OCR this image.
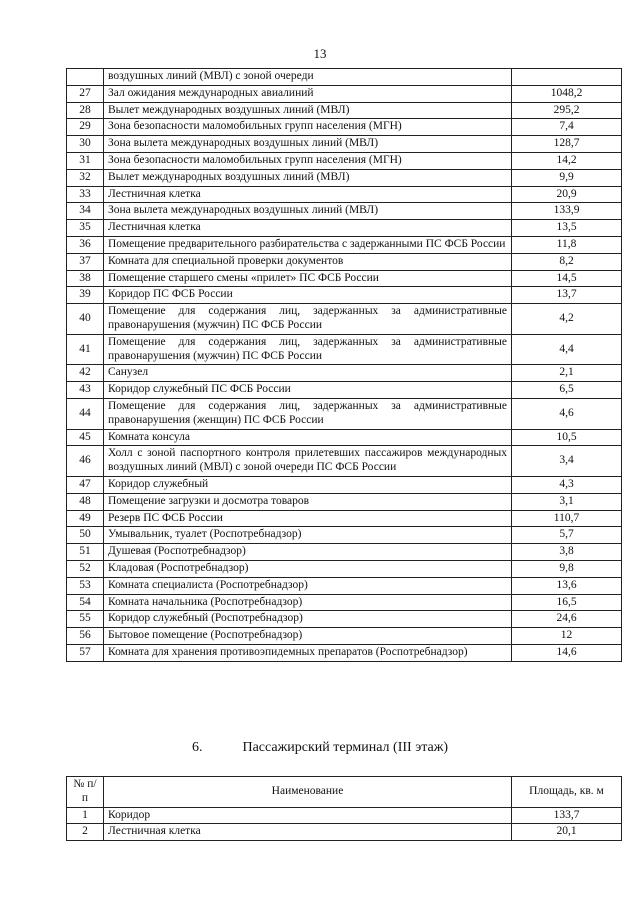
13
	воздушных линий (МВЛ) с зоной очереди	
27	Зал ожидания международных авиалиний	1048,2
28	Вылет международных воздушных линий (МВЛ)	295,2
29	Зона безопасности маломобильных групп населения (МГН)	7,4
30	Зона вылета международных воздушных линий (МВЛ)	128,7
31	Зона безопасности маломобильных групп населения (МГН)	14,2
32	Вылет международных воздушных линий (МВЛ)	9,9
33	Лестничная клетка	20,9
34	Зона вылета международных воздушных линий (МВЛ)	133,9
35	Лестничная клетка	13,5
36	Помещение предварительного разбирательства с задержанными ПС ФСБ России	11,8
37	Комната для специальной проверки документов	8,2
38	Помещение старшего смены «прилет» ПС ФСБ России	14,5
39	Коридор ПС ФСБ России	13,7
40	Помещение для содержания лиц, задержанных за административные правонарушения (мужчин) ПС ФСБ России	4,2
41	Помещение для содержания лиц, задержанных за административные правонарушения (мужчин) ПС ФСБ России	4,4
42	Санузел	2,1
43	Коридор служебный ПС ФСБ России	6,5
44	Помещение для содержания лиц, задержанных за административные правонарушения (женщин) ПС ФСБ России	4,6
45	Комната консула	10,5
46	Холл с зоной паспортного контроля прилетевших пассажиров международных воздушных линий (МВЛ) с зоной очереди ПС ФСБ России	3,4
47	Коридор служебный	4,3
48	Помещение загрузки и досмотра товаров	3,1
49	Резерв ПС ФСБ России	110,7
50	Умывальник, туалет (Роспотребнадзор)	5,7
51	Душевая (Роспотребнадзор)	3,8
52	Кладовая (Роспотребнадзор)	9,8
53	Комната специалиста (Роспотребнадзор)	13,6
54	Комната начальника (Роспотребнадзор)	16,5
55	Коридор служебный (Роспотребнадзор)	24,6
56	Бытовое помещение (Роспотребнадзор)	12
57	Комната для хранения противоэпидемных препаратов (Роспотребнадзор)	14,6
6.	Пассажирский терминал (III этаж)
№ п/п	Наименование	Площадь, кв. м
1	Коридор	133,7
2	Лестничная клетка	20,1
